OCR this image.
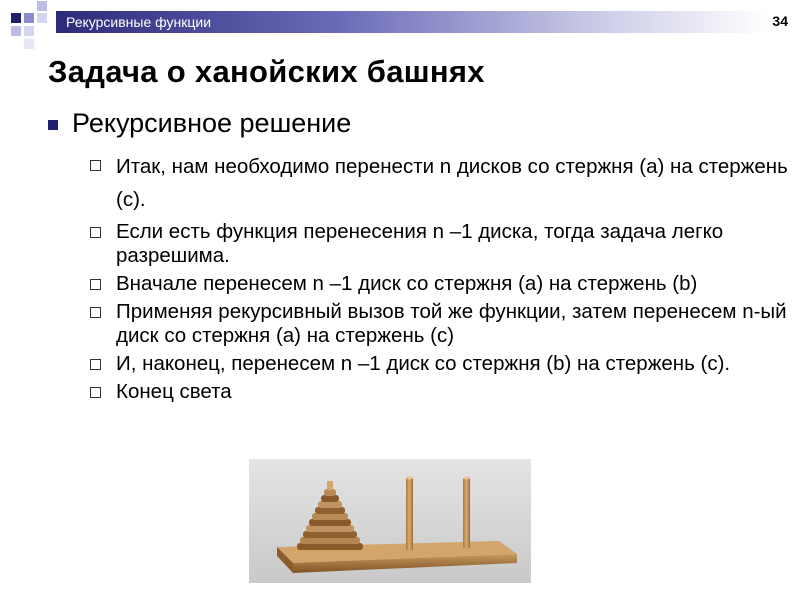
Рекурсивные функции	34
Задача о ханойских башнях
Рекурсивное решение
Итак, нам необходимо перенести n дисков со стержня (a) на стержень (c).
Если есть функция перенесения n –1 диска, тогда задача легко разрешима.
Вначале перенесем n –1 диск со стержня (a) на стержень (b)
Применяя рекурсивный вызов той же функции, затем перенесем n-ый диск со стержня (a) на стержень (c)
И, наконец, перенесем n –1 диск со стержня (b) на стержень (c).
Конец света
